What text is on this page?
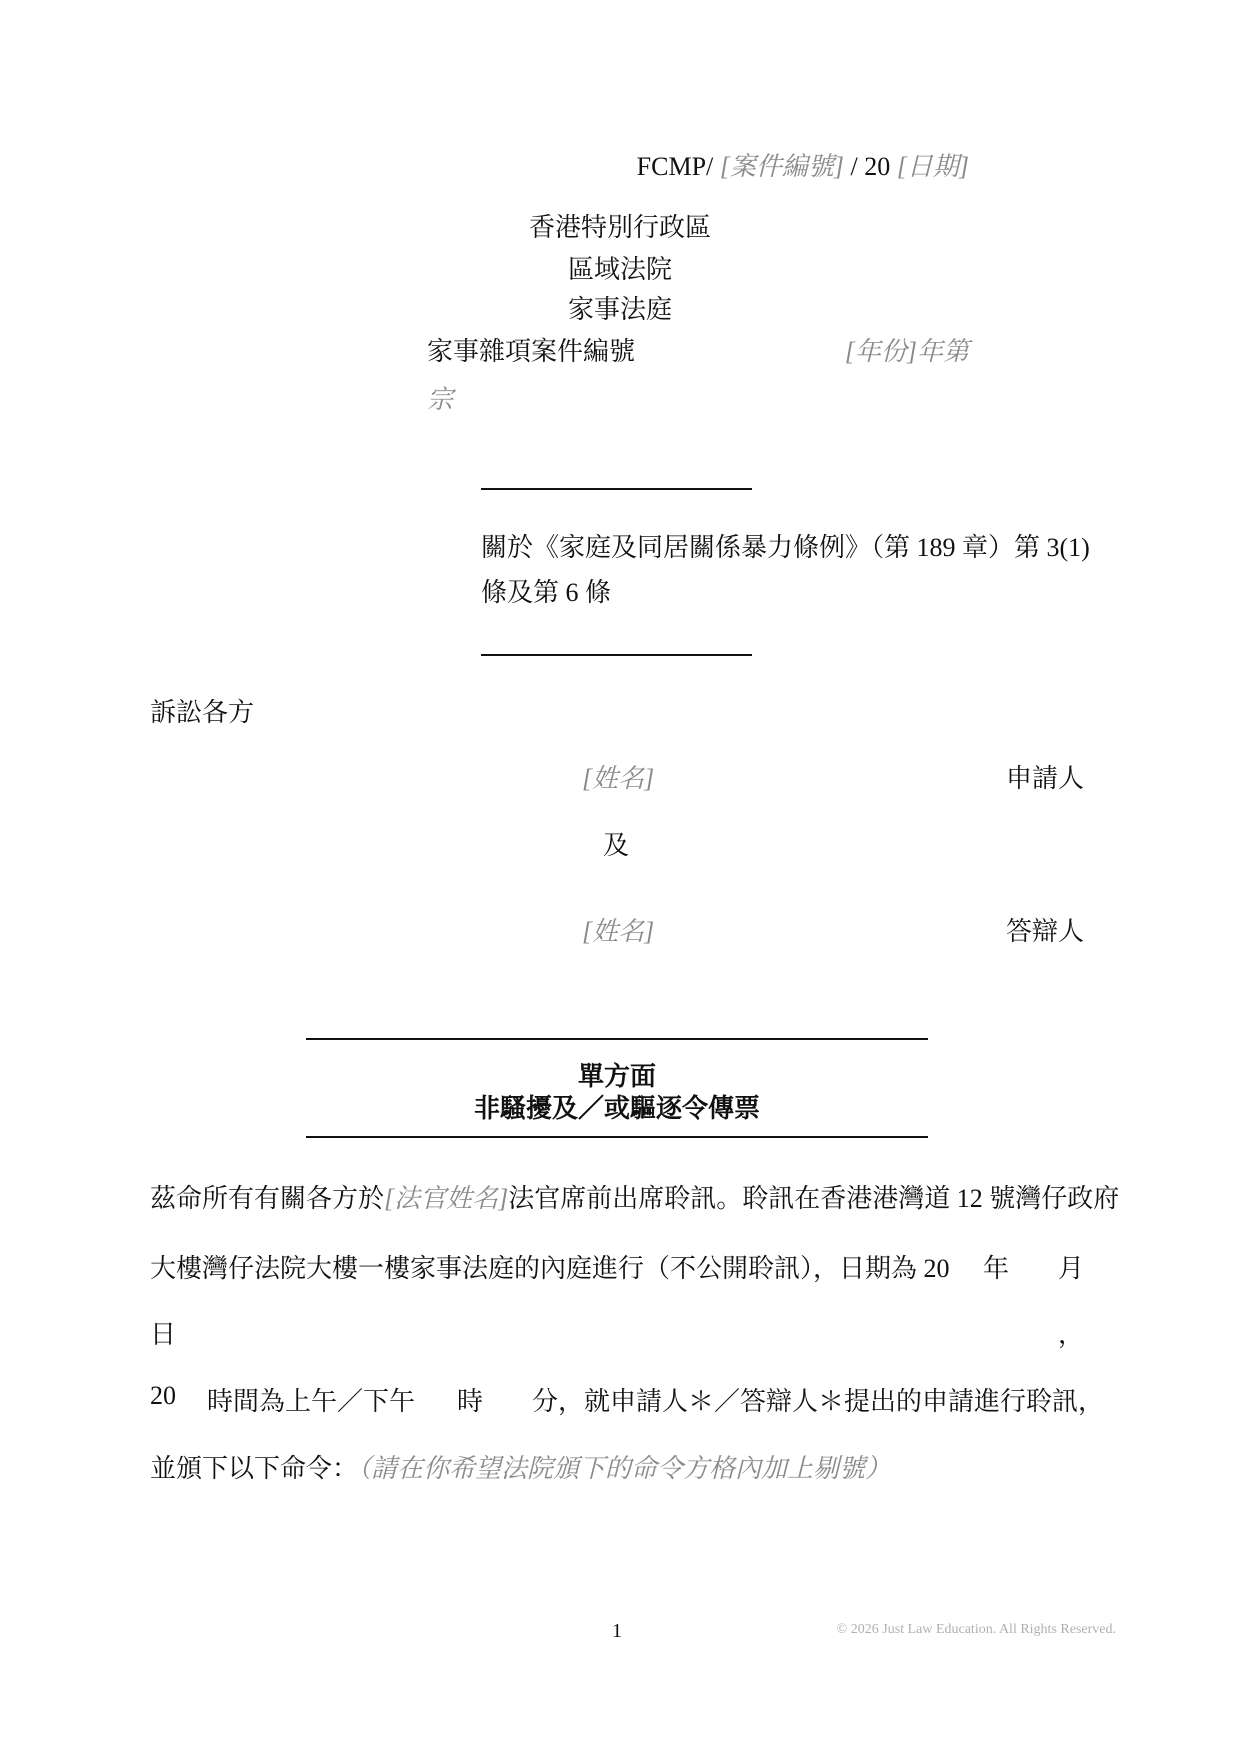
FCMP/ [案件編號] / 20 [日期]
香港特別行政區
區域法院
家事法庭
家事雜項案件編號	[年份]年第
宗
關於《家庭及同居關係暴力條例》（第 189 章）第 3(1)
條及第 6 條
訴訟各方
[姓名]	申請人
及
[姓名]	答辯人
單方面
非騷擾及／或驅逐令傳票
茲命所有有關各方於[法官姓名]法官席前出席聆訊。聆訊在香港港灣道 12 號灣仔政府
大樓灣仔法院大樓一樓家事法庭的內庭進行（不公開聆訊），日期為 20 年 月
日	，
20 時間為上午／下午 時 分，就申請人＊／答辯人＊提出的申請進行聆訊，
並頒下以下命令：（請在你希望法院頒下的命令方格內加上剔號）
1	© 2026 Just Law Education. All Rights Reserved.
